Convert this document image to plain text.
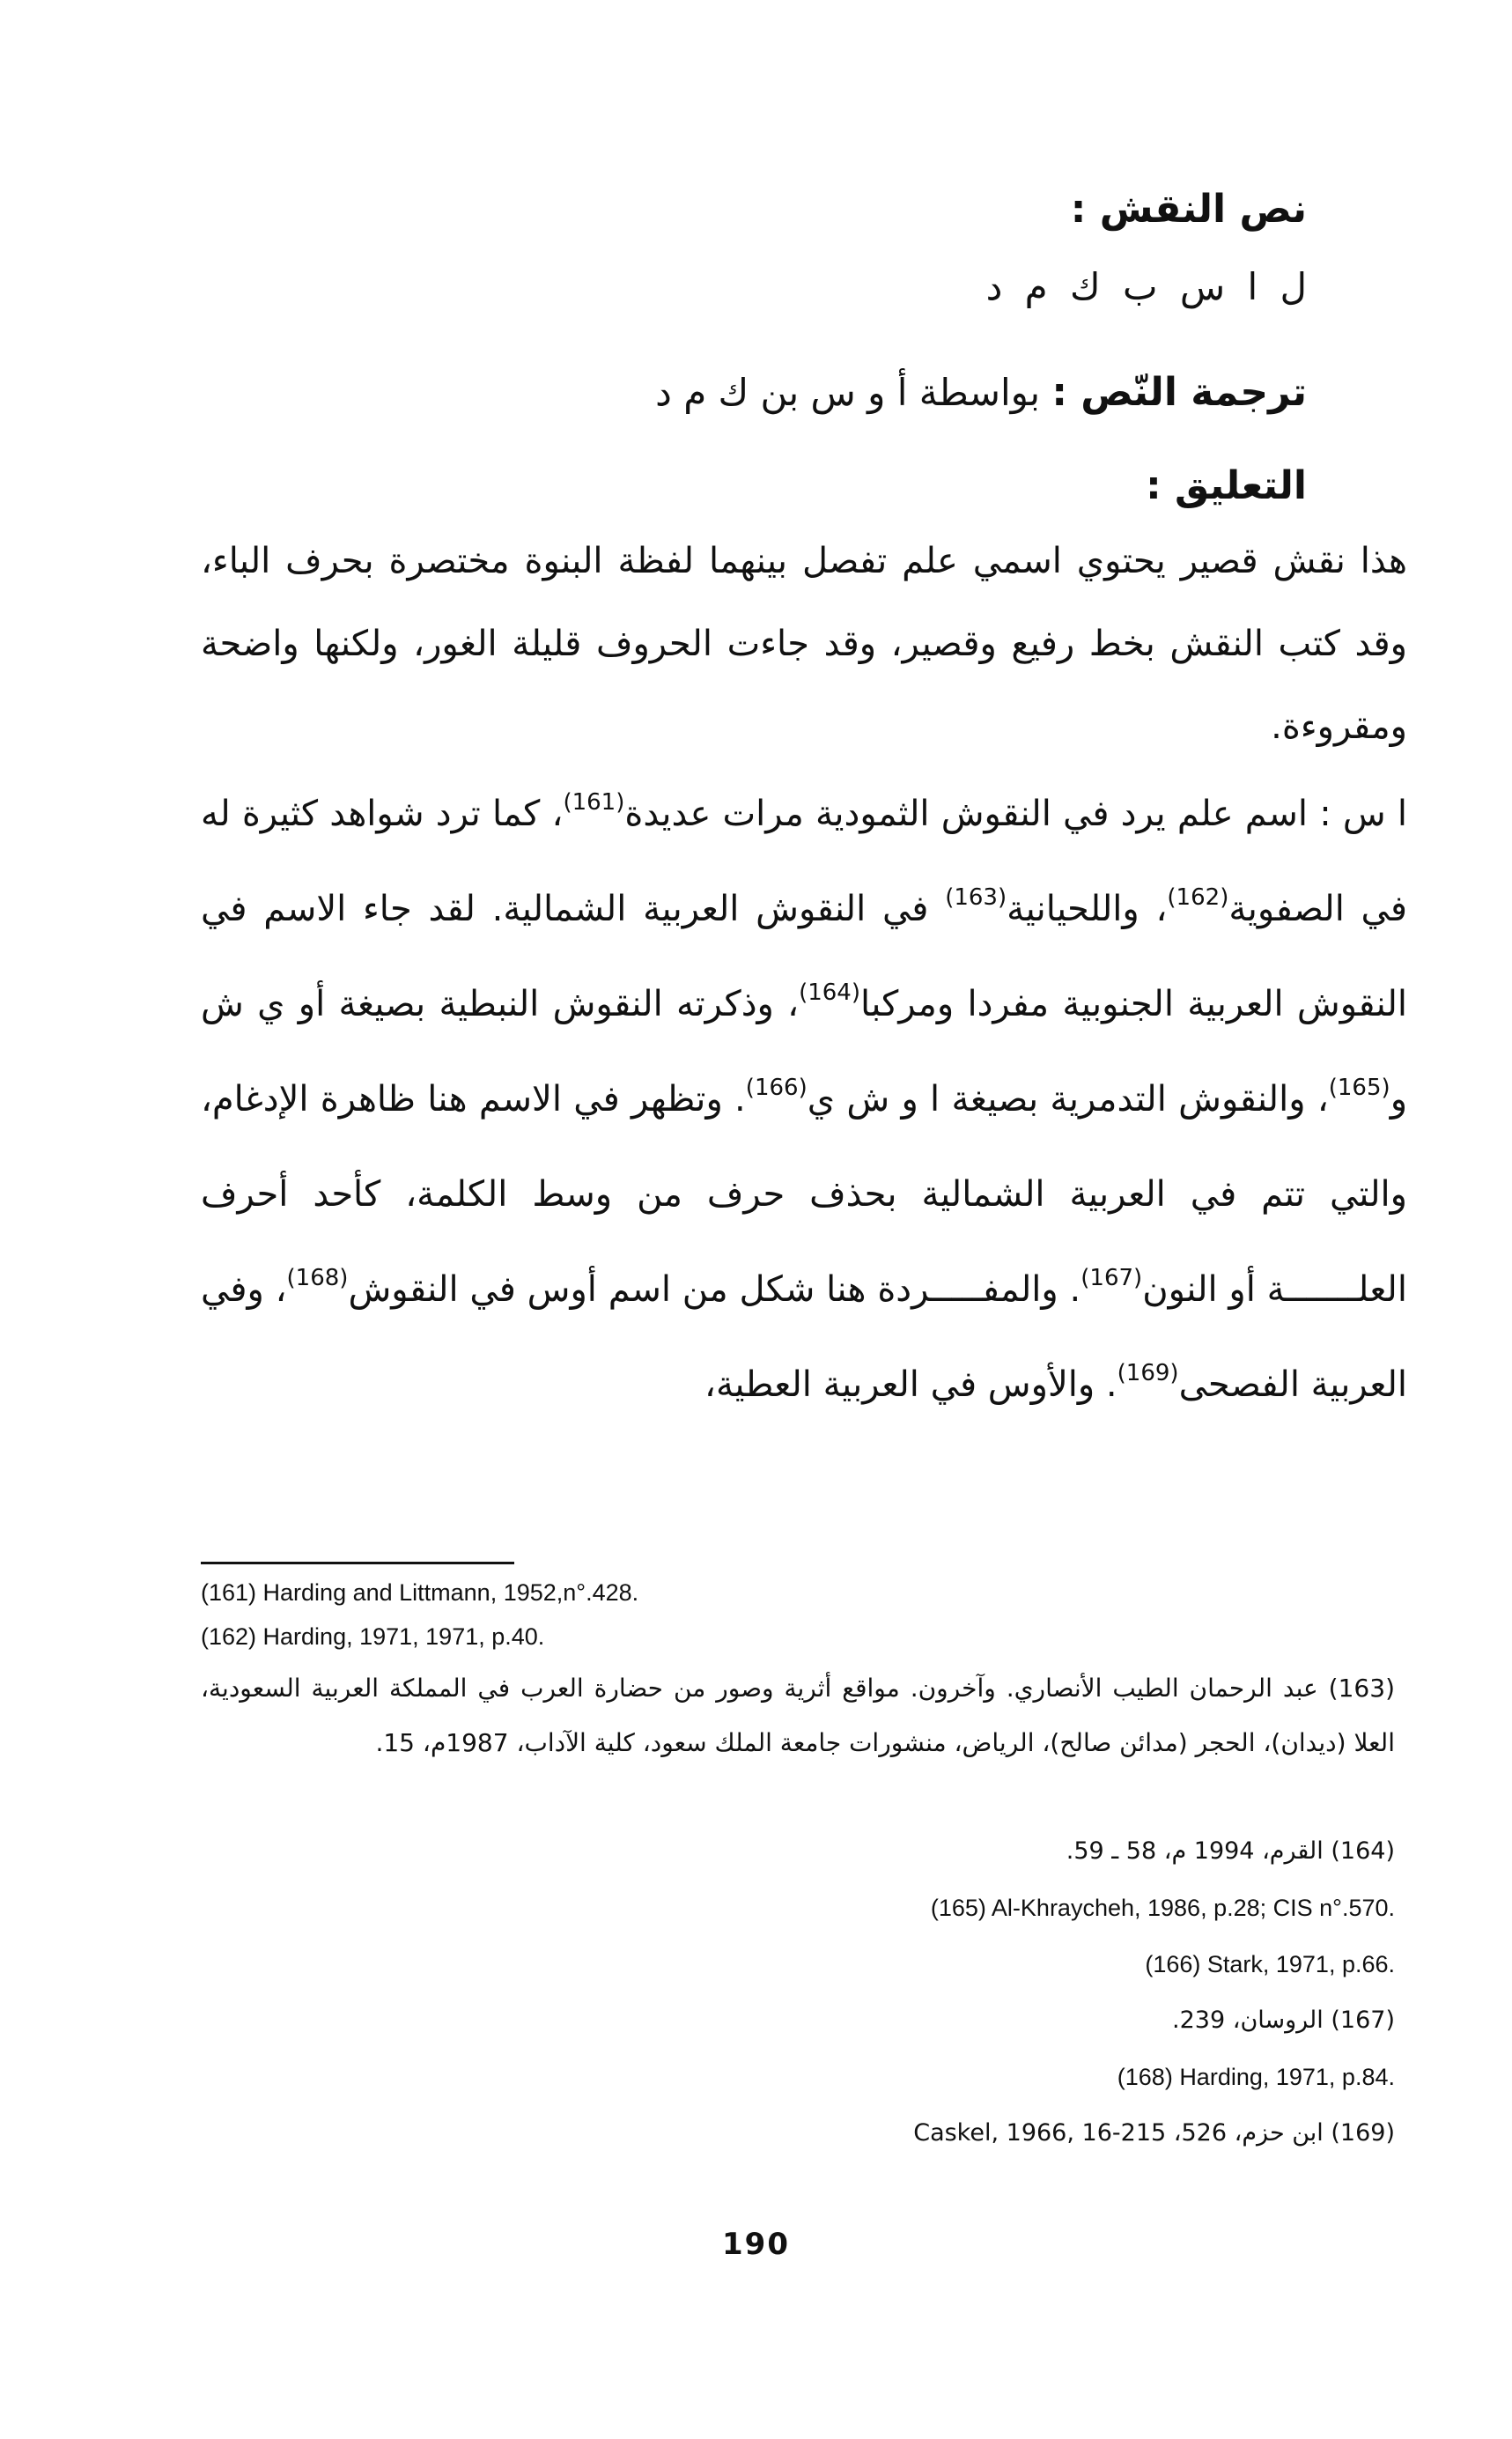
نص النقش :
ل ا س ب ك م د
ترجمة النّص : بواسطة أ و س بن ك م د
التعليق :
هذا نقش قصير يحتوي اسمي علم تفصل بينهما لفظة البنوة مختصرة بحرف الباء، وقد كتب النقش بخط رفيع وقصير، وقد جاءت الحروف قليلة الغور، ولكنها واضحة ومقروءة.
ا س : اسم علم يرد في النقوش الثمودية مرات عديدة$^{(161)}$، كما ترد شواهد كثيرة له في الصفوية$^{(162)}$، واللحيانية$^{(163)}$ في النقوش العربية الشمالية. لقد جاء الاسم في النقوش العربية الجنوبية مفردا ومركبا$^{(164)}$، وذكرته النقوش النبطية بصيغة أو ي ش و$^{(165)}$، والنقوش التدمرية بصيغة ا و ش ي$^{(166)}$. وتظهر في الاسم هنا ظاهرة الإدغام، والتي تتم في العربية الشمالية بحذف حرف من وسط الكلمة، كأحد أحرف العلـــــــة أو النون$^{(167)}$. والمفـــــردة هنا شكل من اسم أوس في النقوش$^{(168)}$، وفي العربية الفصحى$^{(169)}$. والأوس في العربية العطية،
(161) Harding and Littmann, 1952,n°.428.
(162) Harding, 1971, 1971, p.40.
(163) عبد الرحمان الطيب الأنصاري. وآخرون. مواقع أثرية وصور من حضارة العرب في المملكة العربية السعودية، العلا (ديدان)، الحجر (مدائن صالح)، الرياض، منشورات جامعة الملك سعود، كلية الآداب، 1987م، 15.
(164) القرم، 1994 م، 58 ـ 59.
(165) Al-Khraycheh, 1986, p.28; CIS n°.570.
(166) Stark, 1971, p.66.
(167) الروسان، 239.
(168) Harding, 1971, p.84.
(169) ابن حزم، 526، 215-16 ,Caskel, 1966
190
